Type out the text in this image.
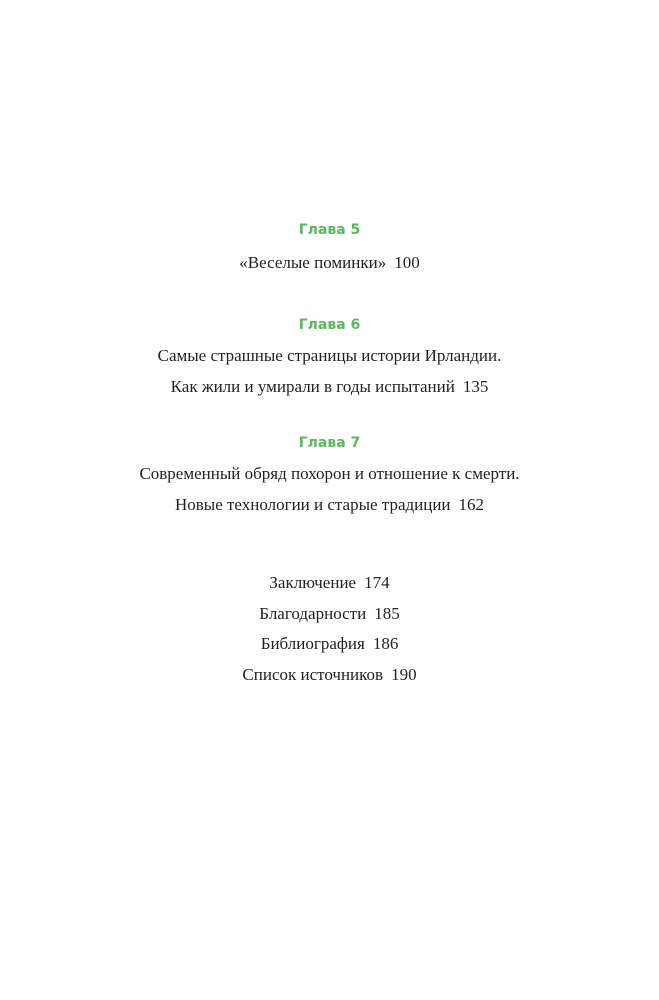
Глава 5
«Веселые поминки» 100
Глава 6
Самые страшные страницы истории Ирландии.
Как жили и умирали в годы испытаний 135
Глава 7
Современный обряд похорон и отношение к смерти.
Новые технологии и старые традиции 162
Заключение 174
Благодарности 185
Библиография 186
Список источников 190
